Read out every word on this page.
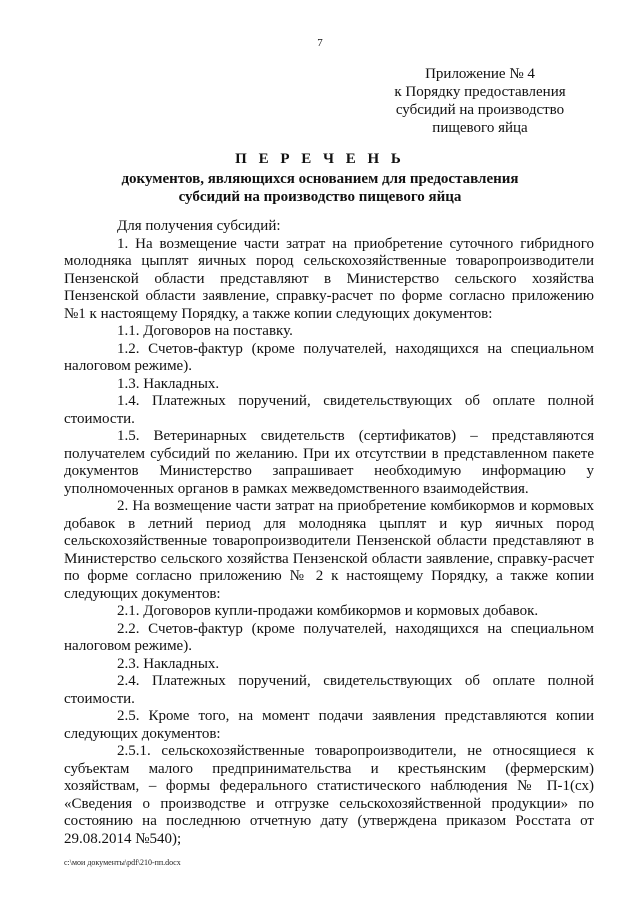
7
Приложение № 4
к Порядку предоставления
субсидий на производство
пищевого яйца
П Е Р Е Ч Е Н Ь
документов, являющихся основанием для предоставления
субсидий на производство пищевого яйца

Для получения субсидий:

1. На возмещение части затрат на приобретение суточного гибридного молодняка цыплят яичных пород сельскохозяйственные товаропроизводители Пензенской области представляют в Министерство сельского хозяйства Пензенской области заявление, справку-расчет по форме согласно приложению №1 к настоящему Порядку, а также копии следующих документов:

1.1. Договоров на поставку.

1.2. Счетов-фактур (кроме получателей, находящихся на специальном налоговом режиме).

1.3. Накладных.

1.4. Платежных поручений, свидетельствующих об оплате полной стоимости.

1.5. Ветеринарных свидетельств (сертификатов) – представляются получателем субсидий по желанию. При их отсутствии в представленном пакете документов Министерство запрашивает необходимую информацию у уполномоченных органов в рамках межведомственного взаимодействия.

2. На возмещение части затрат на приобретение комбикормов и кормовых добавок в летний период для молодняка цыплят и кур яичных пород сельскохозяйственные товаропроизводители Пензенской области представляют в Министерство сельского хозяйства Пензенской области заявление, справку-расчет по форме согласно приложению № 2 к настоящему Порядку, а также копии следующих документов:

2.1. Договоров купли-продажи комбикормов и кормовых добавок.

2.2. Счетов-фактур (кроме получателей, находящихся на специальном налоговом режиме).

2.3. Накладных.

2.4. Платежных поручений, свидетельствующих об оплате полной стоимости.

2.5. Кроме того, на момент подачи заявления представляются копии следующих документов:

2.5.1. сельскохозяйственные товаропроизводители, не относящиеся к субъектам малого предпринимательства и крестьянским (фермерским) хозяйствам, – формы федерального статистического наблюдения № П-1(сх) «Сведения о производстве и отгрузке сельскохозяйственной продукции» по состоянию на последнюю отчетную дату (утверждена приказом Росстата от 29.08.2014 №540);

c:\мои документы\pdf\210-пп.docx
